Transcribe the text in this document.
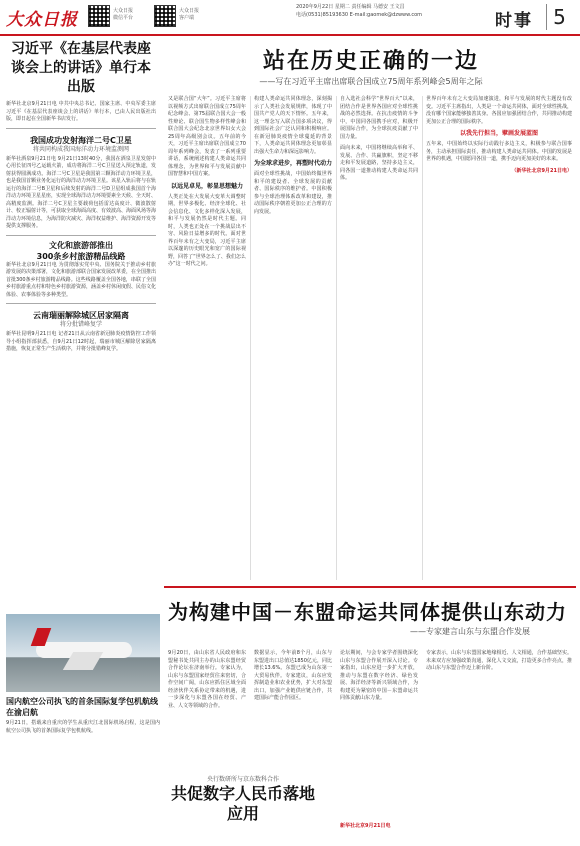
大众日报	大众日报
微信平台
大众日报
客户端
2020年9月22日 星期二 责任编辑 马德安 王文昌
电话(0531)85193630 E-mail:gaomek@dzwww.com	时事	5
习近平《在基层代表座谈会上的讲话》单行本出版

新华社北京9月21日电 中共中央总书记、国家主席、中央军委主席习近平《在基层代表座谈会上的讲话》单行本，已由人民出版社出版，即日起在全国新华书店发行。

我国成功发射海洋二号C卫星
将共同构成我国海洋动力环境监测网

新华社酒泉9月21日电 9月21日13时40分，我国在酒泉卫星发射中心用长征四号乙运载火箭，成功将海洋二号C卫星送入预定轨道，发射获得圆满成功。海洋二号C卫星是我国第三颗海洋动力环境卫星，也是我国首颗业务化运行的海洋动力环境卫星。该星入轨后将与在轨运行的海洋二号B卫星和后续发射的海洋二号D卫星组成我国首个海洋动力环境卫星星座，实现全球海洋动力环境要素全天候、全天时、高精度监测。海洋二号C卫星主要载荷包括雷达高度计、微波散射计、校正辐射计等，可获取全球海面高度、有效波高、海面风场等海洋动力环境信息，为海洋防灾减灾、海洋权益维护、海洋资源开发等提供支撑服务。

文化和旅游部推出
300条乡村旅游精品线路

新华社北京9月21日电 为贯彻落实党中央、国务院关于推动乡村旅游发展的决策部署，文化和旅游部联合国家发展改革委，在全国推出首批300条乡村旅游精品线路。这些线路覆盖全国各地，串联了全国乡村旅游重点村和特色乡村旅游资源，涵盖乡村休闲度假、民俗文化体验、农事体验等多种类型。

云南瑞丽解除城区居家隔离
将分批错峰复学

新华社昆明9月21日电 记者21日从云南省新冠肺炎疫情防控工作领导小组指挥部获悉，自9月21日12时起，瑞丽市城区解除居家隔离措施，恢复正常生产生活秩序，并将分批错峰复学。

国内航空公司执飞的首条国际复学包机航线在渝启航

9月21日，搭载来自重庆的学生从重庆江北国际机场启程，这是国内航空公司执飞的首条国际复学包机航线。

站在历史正确的一边
——写在习近平主席出席联合国成立75周年系列峰会5周年之际

又是联合国“大年”。习近平主席将以视频方式出席联合国成立75周年纪念峰会、第75届联合国大会一般性辩论、联合国生物多样性峰会和联合国大会纪念北京世界妇女大会25周年高级别会议。五年前的今天，习近平主席出席联合国成立70周年系列峰会，发表了一系列重要讲话，系统阐述构建人类命运共同体理念，为世界和平与发展贡献中国智慧和中国方案。

以远见卓见，彰显思想魅力

人类正处在大发展大变革大调整时期，世界多极化、经济全球化、社会信息化、文化多样化深入发展，和平与发展仍然是时代主题。同时，人类也正处在一个挑战层出不穷、风险日益增多的时代。面对世界百年未有之大变局，习近平主席以深邃的历史眼光和宽广的国际视野，回答了“世界怎么了、我们怎么办”这一时代之问。

构建人类命运共同体理念，深刻揭示了人类社会发展规律，体现了中国共产党人的天下情怀。五年来，这一理念写入联合国多项决议，得到国际社会广泛认同和积极响应。在新冠肺炎疫情全球蔓延的背景下，人类命运共同体理念更加彰显出强大生命力和深远影响力。

为全球求进步，再塑时代动力

面对全球性挑战，中国始终做世界和平的建设者、全球发展的贡献者、国际秩序的维护者。中国积极参与全球治理体系改革和建设，推动国际秩序朝着更加公正合理的方向发展。

自入选社会科学“世界百大”以来，团结合作是世界各国应对全球性挑战的必然选择。在抗击疫情的斗争中，中国同各国携手应对，积极开展国际合作，为全球抗疫贡献了中国力量。

面向未来，中国将继续高举和平、发展、合作、共赢旗帜，坚定不移走和平发展道路，坚持多边主义，同各国一道推动构建人类命运共同体。

世界百年未有之大变局加速演进，和平与发展的时代主题没有改变。习近平主席指出，人类是一个命运共同体，面对全球性挑战，没有哪个国家能够独善其身。各国应加强团结合作，共同推动构建更加公正合理的国际秩序。

以我先行担当，擘画发展蓝图

五年来，中国始终以实际行动践行多边主义，积极参与联合国事务，主动承担国际责任，推动构建人类命运共同体。中国的发展是世界的机遇，中国愿同各国一道，携手迈向更加美好的未来。

（新华社北京9月21日电）

为构建中国－东盟命运共同体提供山东动力
——专家建言山东与东盟合作发展

9月20日，由山东省人民政府和东盟秘书处共同主办的山东东盟经贸合作论坛在济南举行。专家认为，山东与东盟国家经贸往来密切，合作空间广阔，山东应抓住区域全面经济伙伴关系协定带来的机遇，进一步深化与东盟各国在经贸、产业、人文等领域的合作。

数据显示，今年前8个月，山东与东盟进出口总值达1850亿元，同比增长13.6%。东盟已成为山东第一大贸易伙伴。专家建议，山东应发挥制造业和农业优势，扩大对东盟出口，加强产业链供应链合作，共建国际产能合作园区。

论坛期间，与会专家学者围绕深化山东与东盟合作展开深入讨论。专家指出，山东应进一步扩大开放，推动与东盟在数字经济、绿色发展、海洋经济等新兴领域合作，为构建更为紧密的中国－东盟命运共同体贡献山东力量。

专家表示，山东与东盟国家地缘相近、人文相通，合作基础坚实。未来双方应加强政策沟通，深化人文交流，打造更多合作亮点，推动山东与东盟合作迈上新台阶。

央行数研所与京东数科合作
共促数字人民币落地应用

新华社北京9月21日电
